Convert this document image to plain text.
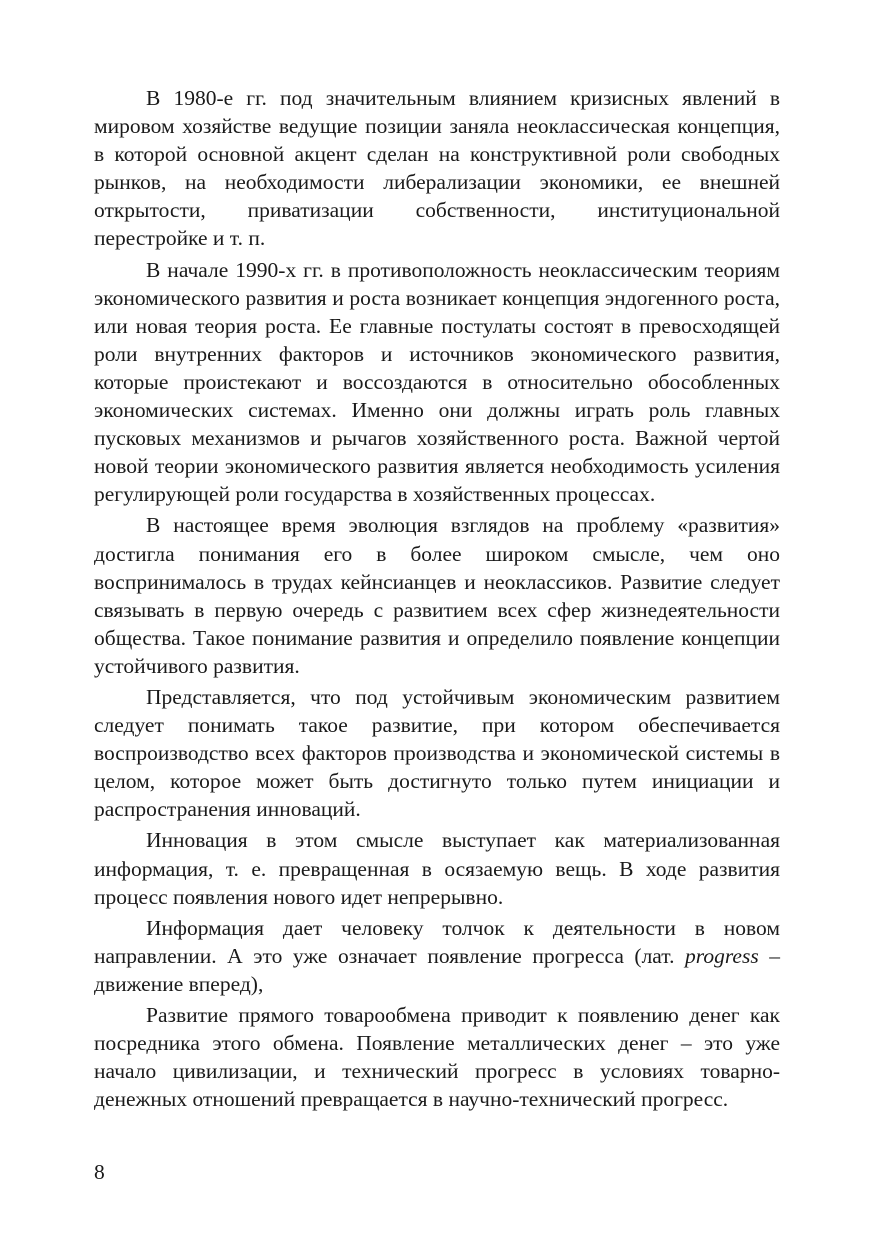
В 1980-е гг. под значительным влиянием кризисных явлений в мировом хозяйстве ведущие позиции заняла неоклассическая концепция, в которой основной акцент сделан на конструктивной роли свободных рынков, на необходимости либерализации экономики, ее внешней открытости, приватизации собственности, институциональной перестройке и т. п.

В начале 1990-х гг. в противоположность неоклассическим теориям экономического развития и роста возникает концепция эндогенного роста, или новая теория роста. Ее главные постулаты состоят в превосходящей роли внутренних факторов и источников экономического развития, которые проистекают и воссоздаются в относительно обособленных экономических системах. Именно они должны играть роль главных пусковых механизмов и рычагов хозяйственного роста. Важной чертой новой теории экономического развития является необходимость усиления регулирующей роли государства в хозяйственных процессах.

В настоящее время эволюция взглядов на проблему «развития» достигла понимания его в более широком смысле, чем оно воспринималось в трудах кейнсианцев и неоклассиков. Развитие следует связывать в первую очередь с развитием всех сфер жизнедеятельности общества. Такое понимание развития и определило появление концепции устойчивого развития.

Представляется, что под устойчивым экономическим развитием следует понимать такое развитие, при котором обеспечивается воспроизводство всех факторов производства и экономической системы в целом, которое может быть достигнуто только путем инициации и распространения инноваций.

Инновация в этом смысле выступает как материализованная информация, т. е. превращенная в осязаемую вещь. В ходе развития процесс появления нового идет непрерывно.

Информация дает человеку толчок к деятельности в новом направлении. А это уже означает появление прогресса (лат. progress – движение вперед),

Развитие прямого товарообмена приводит к появлению денег как посредника этого обмена. Появление металлических денег – это уже начало цивилизации, и технический прогресс в условиях товарно-денежных отношений превращается в научно-технический прогресс.

8
